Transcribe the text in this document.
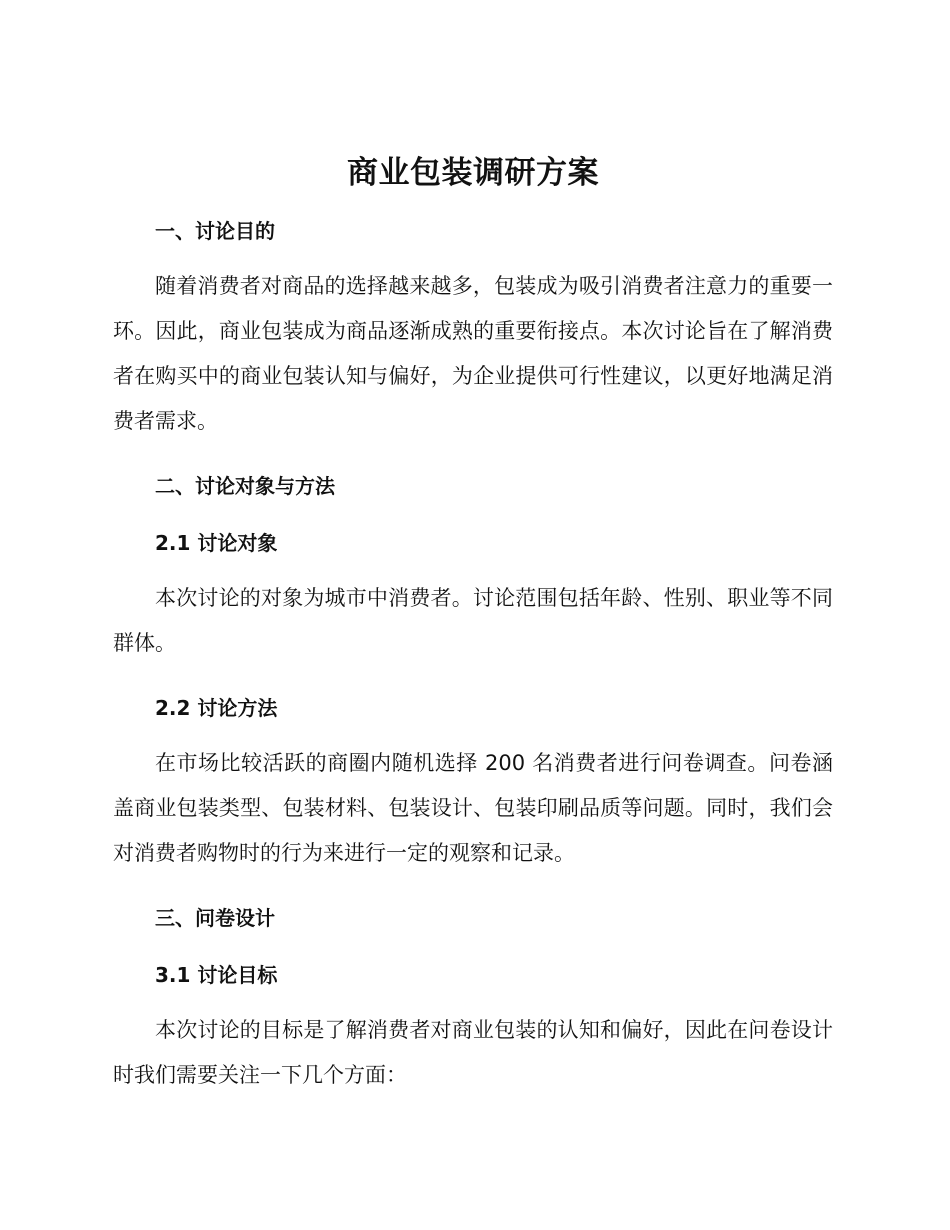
商业包装调研方案
一、讨论目的

随着消费者对商品的选择越来越多，包装成为吸引消费者注意力的重要一环。因此，商业包装成为商品逐渐成熟的重要衔接点。本次讨论旨在了解消费者在购买中的商业包装认知与偏好，为企业提供可行性建议，以更好地满足消费者需求。

二、讨论对象与方法
2.1 讨论对象

本次讨论的对象为城市中消费者。讨论范围包括年龄、性别、职业等不同群体。

2.2 讨论方法

在市场比较活跃的商圈内随机选择 200 名消费者进行问卷调查。问卷涵盖商业包装类型、包装材料、包装设计、包装印刷品质等问题。同时，我们会对消费者购物时的行为来进行一定的观察和记录。

三、问卷设计
3.1 讨论目标

本次讨论的目标是了解消费者对商业包装的认知和偏好，因此在问卷设计时我们需要关注一下几个方面：
